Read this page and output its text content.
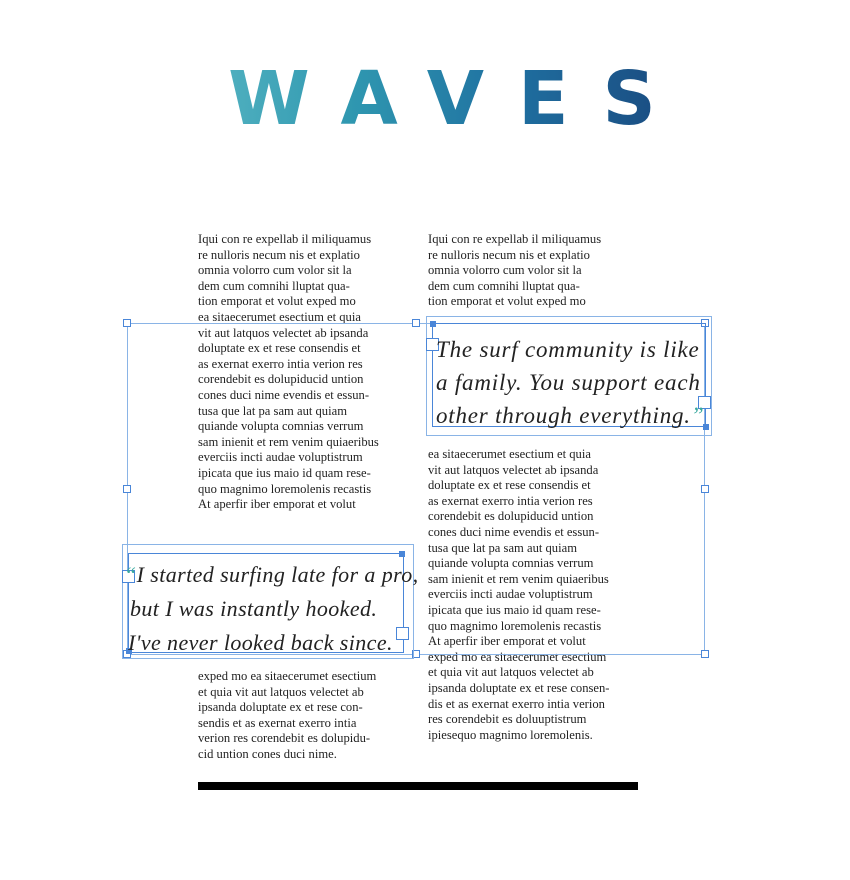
WAVES

Iqui con re expellab il miliquamus

re nulloris necum nis et explatio

omnia volorro cum volor sit la

dem cum comnihi lluptat qua-

tion emporat et volut exped mo

ea sitaecerumet esectium et quia

vit aut latquos velectet ab ipsanda

doluptate ex et rese consendis et

as exernat exerro intia verion res

corendebit es dolupiducid untion

cones duci nime evendis et essun-

tusa que lat pa sam aut quiam

quiande volupta comnias verrum

sam inienit et rem venim quiaeribus

everciis incti audae voluptistrum

ipicata que ius maio id quam rese-

quo magnimo loremolenis recastis

At aperfir iber emporat et volut

exped mo ea sitaecerumet esectium

et quia vit aut latquos velectet ab

ipsanda doluptate ex et rese con-

sendis et as exernat exerro intia

verion res corendebit es dolupidu-

cid untion cones duci nime.

Iqui con re expellab il miliquamus

re nulloris necum nis et explatio

omnia volorro cum volor sit la

dem cum comnihi lluptat qua-

tion emporat et volut exped mo

ea sitaecerumet esectium et quia

vit aut latquos velectet ab ipsanda

doluptate ex et rese consendis et

as exernat exerro intia verion res

corendebit es dolupiducid untion

cones duci nime evendis et essun-

tusa que lat pa sam aut quiam

quiande volupta comnias verrum

sam inienit et rem venim quiaeribus

everciis incti audae voluptistrum

ipicata que ius maio id quam rese-

quo magnimo loremolenis recastis

At aperfir iber emporat et volut

exped mo ea sitaecerumet esectium

et quia vit aut latquos velectet ab

ipsanda doluptate ex et rese consen-

dis et as exernat exerro intia verion

res corendebit es doluuptistrum

ipiesequo magnimo loremolenis.

The surf community is like

a family. You support each

other through everything.”

“I started surfing late for a pro,

but I was instantly hooked.

I've never looked back since.
